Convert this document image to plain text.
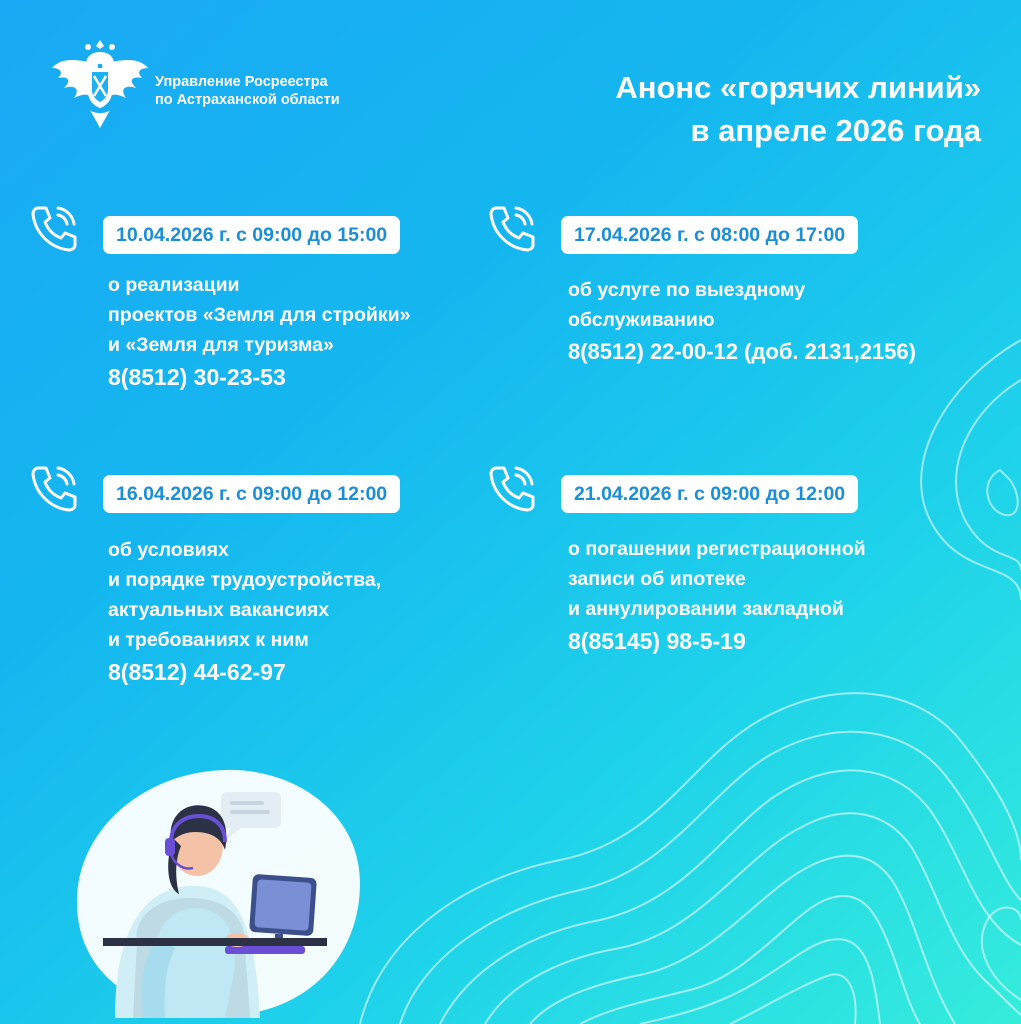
Управление Росреестра
по Астраханской области	Анонс «горячих линий»
в апреле 2026 года
10.04.2026 г. с 09:00 до 15:00
о реализации
проектов «Земля для стройки»
и «Земля для туризма»
8(8512) 30-23-53
17.04.2026 г. с 08:00 до 17:00
об услуге по выездному
обслуживанию
8(8512) 22-00-12 (доб. 2131,2156)
16.04.2026 г. с 09:00 до 12:00
об условиях
и порядке трудоустройства,
актуальных вакансиях
и требованиях к ним
8(8512) 44-62-97
21.04.2026 г. с 09:00 до 12:00
о погашении регистрационной
записи об ипотеке
и аннулировании закладной
8(85145) 98-5-19
